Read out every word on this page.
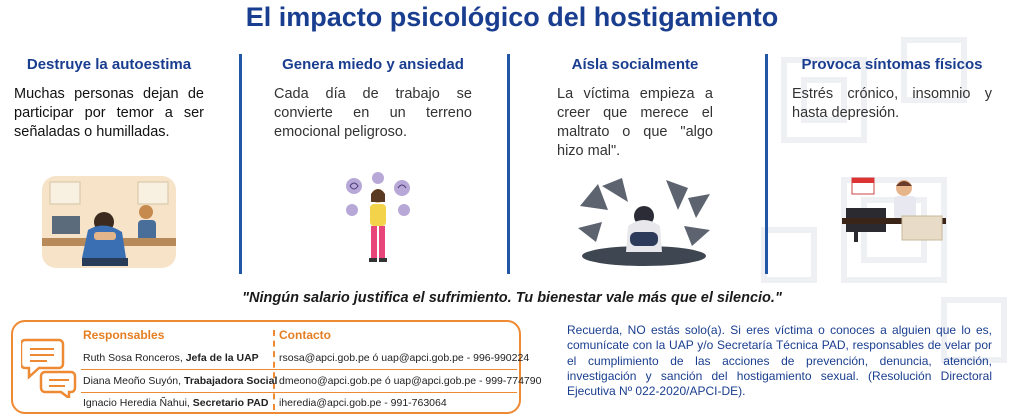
El impacto psicológico del hostigamiento
Destruye la autoestima

Muchas personas dejan de participar por temor a ser señaladas o humilladas.

Genera miedo y ansiedad

Cada día de trabajo se convierte en un terreno emocional peligroso.

Aísla socialmente

La víctima empieza a creer que merece el maltrato o que "algo hizo mal".

Provoca síntomas físicos

Estrés crónico, insomnio y hasta depresión.

"Ningún salario justifica el sufrimiento. Tu bienestar vale más que el silencio."
Responsables	Contacto
Ruth Sosa Ronceros, Jefa de la UAP rsosa@apci.gob.pe ó uap@apci.gob.pe - 996-990224
Diana Meoño Suyón, Trabajadora Social dmeono@apci.gob.pe ó uap@apci.gob.pe - 999-774790
Ignacio Heredia Ñahui, Secretario PAD iheredia@apci.gob.pe - 991-763064
Recuerda, NO estás solo(a). Si eres víctima o conoces a alguien que lo es, comunícate con la UAP y/o Secretaría Técnica PAD, responsables de velar por el cumplimiento de las acciones de prevención, denuncia, atención, investigación y sanción del hostigamiento sexual. (Resolución Directoral Ejecutiva Nº 022-2020/APCI-DE).
